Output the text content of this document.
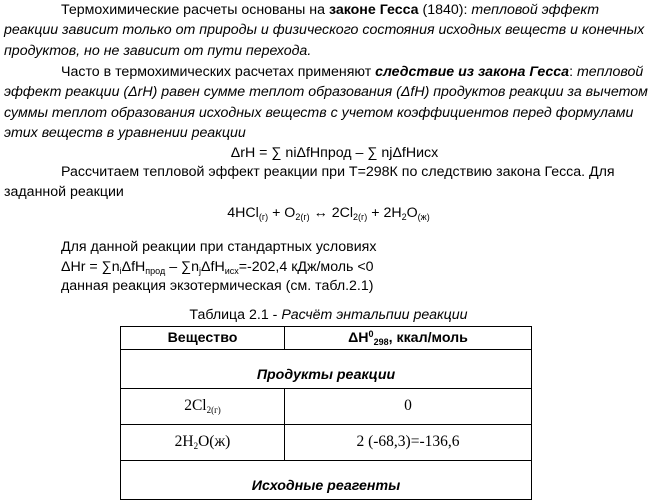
Термохимические расчеты основаны на законе Гесса (1840): тепловой эффект реакции зависит только от природы и физического состояния исходных веществ и конечных продуктов, но не зависит от пути перехода.

Часто в термохимических расчетах применяют следствие из закона Гесса: тепловой эффект реакции (ΔrH) равен сумме теплот образования (ΔfH) продуктов реакции за вычетом суммы теплот образования исходных веществ с учетом коэффициентов перед формулами этих веществ в уравнении реакции

ΔrH = ∑ niΔfHпрод – ∑ njΔfHисх

Рассчитаем тепловой эффект реакции при Т=298К по следствию закона Гесса. Для заданной реакции

$4HCl_{(г)} + O_{2(г)}$ ↔ $2Cl_{2(г)} + 2H_2O_{(ж)}$

Для данной реакции при стандартных условиях
$\Delta Hr = \sum n_i\Delta fH_{прод} - \sum n_j\Delta fH_{исх}=-202,4$ кДж/моль <0
данная реакция экзотермическая (см. табл.2.1)

Таблица 2.1 - Расчёт энтальпии реакции

Вещество	$\Delta H^0_{298}$, ккал/моль
Продукты реакции	
$2Cl_{2(г)}$	0
$2H_2O(ж)$	2 (-68,3)=-136,6
Исходные реагенты	
